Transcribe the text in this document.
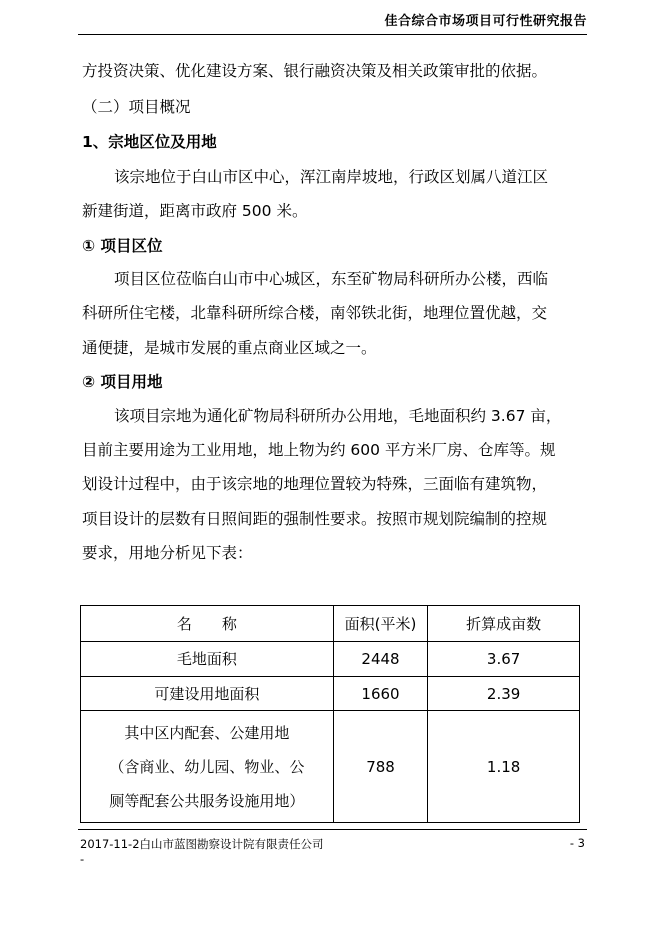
佳合综合市场项目可行性研究报告
方投资决策、优化建设方案、银行融资决策及相关政策审批的依据。
（二）项目概况
1、宗地区位及用地
该宗地位于白山市区中心，浑江南岸坡地，行政区划属八道江区
新建街道，距离市政府 500 米。
① 项目区位
项目区位莅临白山市中心城区，东至矿物局科研所办公楼，西临
科研所住宅楼，北靠科研所综合楼，南邻铁北街，地理位置优越，交
通便捷，是城市发展的重点商业区域之一。
② 项目用地
该项目宗地为通化矿物局科研所办公用地，毛地面积约 3.67 亩，
目前主要用途为工业用地，地上物为约 600 平方米厂房、仓库等。规
划设计过程中，由于该宗地的地理位置较为特殊，三面临有建筑物，
项目设计的层数有日照间距的强制性要求。按照市规划院编制的控规
要求，用地分析见下表：
名　　称	面积(平米)	折算成亩数
毛地面积	2448	3.67
可建设用地面积	1660	2.39

其中区内配套、公建用地
（含商业、幼儿园、物业、公
厕等配套公共服务设施用地）	788	1.18
2017-11-2白山市蓝图勘察设计院有限责任公司	- 3
-
